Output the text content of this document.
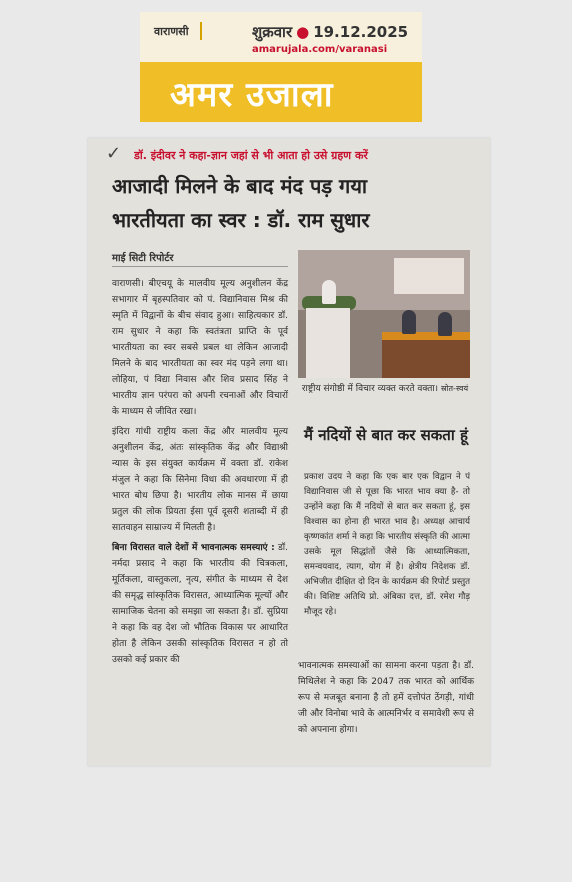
वाराणसी	शुक्रवार ● 19.12.2025
amarujala.com/varanasi
अमर उजाला
✓ डॉ. इंदीवर ने कहा-ज्ञान जहां से भी आता हो उसे ग्रहण करें
आजादी मिलने के बाद मंद पड़ गया
भारतीयता का स्वर : डॉ. राम सुधार
माई सिटी रिपोर्टर

वाराणसी। बीएचयू के मालवीय मूल्य अनुशीलन केंद्र सभागार में बृहस्पतिवार को पं. विद्यानिवास मिश्र की स्मृति में विद्वानों के बीच संवाद हुआ। साहित्यकार डॉ. राम सुधार ने कहा कि स्वतंत्रता प्राप्ति के पूर्व भारतीयता का स्वर सबसे प्रबल था लेकिन आजादी मिलने के बाद भारतीयता का स्वर मंद पड़ने लगा था। लोहिया, पं विद्या निवास और शिव प्रसाद सिंह ने भारतीय ज्ञान परंपरा को अपनी रचनाओं और विचारों के माध्यम से जीवित रखा।

इंदिरा गांधी राष्ट्रीय कला केंद्र और मालवीय मूल्य अनुशीलन केंद्र, अंतः सांस्कृतिक केंद्र और विद्याश्री न्यास के इस संयुक्त कार्यक्रम में वक्ता डॉ. राकेश मंजुल ने कहा कि सिनेमा विधा की अवधारणा में ही भारत बोध छिपा है। भारतीय लोक मानस में छाया प्रतुल की लोक प्रियता ईसा पूर्व दूसरी शताब्दी में ही सातवाहन साम्राज्य में मिलती है।

बिना विरासत वाले देशों में भावनात्मक समस्याएं : डॉ. नर्मदा प्रसाद ने कहा कि भारतीय की चित्रकला, मूर्तिकला, वास्तुकला, नृत्य, संगीत के माध्यम से देश की समृद्ध सांस्कृतिक विरासत, आध्यात्मिक मूल्यों और सामाजिक चेतना को समझा जा सकता है। डॉ. सुप्रिया ने कहा कि वह देश जो भौतिक विकास पर आधारित होता है लेकिन उसकी सांस्कृतिक विरासत न हो तो उसको कई प्रकार की

राष्ट्रीय संगोष्ठी में विचार व्यक्त करते वक्ता। स्रोत-स्वयं
मैं नदियों से बात कर सकता हूं
प्रकाश उदय ने कहा कि एक बार एक विद्वान ने पं विद्यानिवास जी से पूछा कि भारत भाव क्या है- तो उन्होंने कहा कि मैं नदियों से बात कर सकता हूं, इस विश्वास का होना ही भारत भाव है। अध्यक्ष आचार्य कृष्णकांत शर्मा ने कहा कि भारतीय संस्कृति की आत्मा उसके मूल सिद्धांतों जैसे कि आध्यात्मिकता, समन्वयवाद, त्याग, योग में है। क्षेत्रीय निदेशक डॉ. अभिजीत दीक्षित दो दिन के कार्यक्रम की रिपोर्ट प्रस्तुत की। विशिष्ट अतिथि प्रो. अंबिका दत्त, डॉ. रमेश गौड़ मौजूद रहे।
भावनात्मक समस्याओं का सामना करना पड़ता है। डॉ. मिथिलेश ने कहा कि 2047 तक भारत को आर्थिक रूप से मजबूत बनाना है तो हमें दत्तोपंत ठेंगड़ी, गांधी जी और विनोबा भावे के आत्मनिर्भर व समावेशी रूप से को अपनाना होगा।
